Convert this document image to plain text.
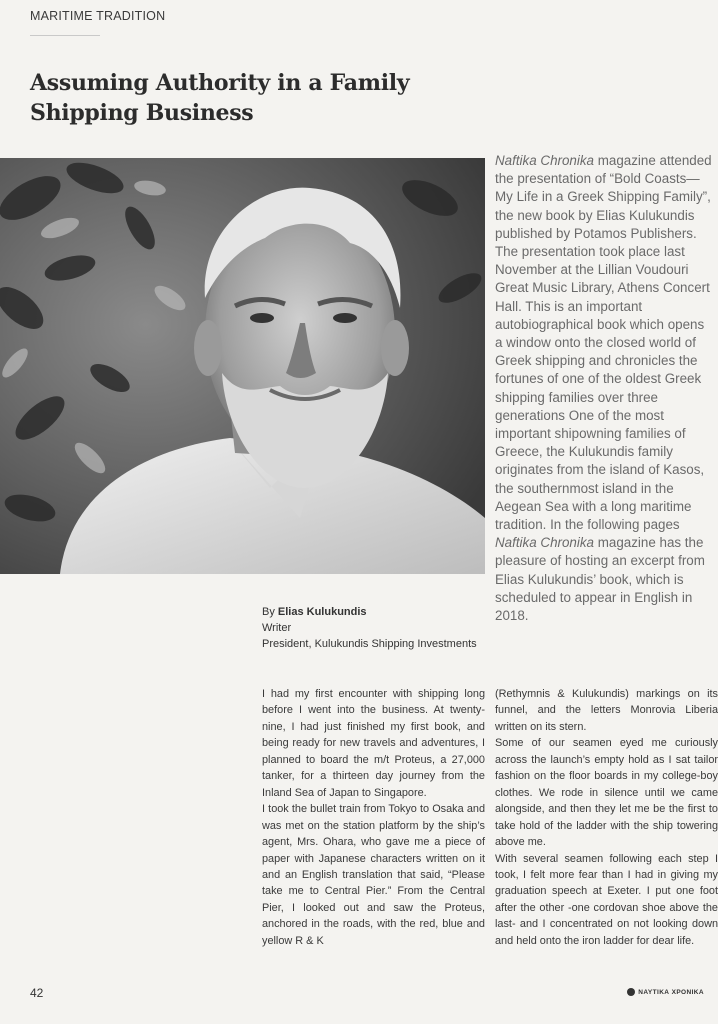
MARITIME TRADITION
Assuming Authority in a Family Shipping Business
Naftika Chronika magazine attended the presentation of “Bold Coasts—My Life in a Greek Shipping Family”, the new book by Elias Kulukundis published by Potamos Publishers. The presentation took place last November at the Lillian Voudouri Great Music Library, Athens Concert Hall. This is an important autobiographical book which opens a window onto the closed world of Greek shipping and chronicles the fortunes of one of the oldest Greek shipping families over three generations One of the most important shipowning families of Greece, the Kulukundis family originates from the island of Kasos, the southernmost island in the Aegean Sea with a long maritime tradition. In the following pages Naftika Chronika magazine has the pleasure of hosting an excerpt from Elias Kulukundis’ book, which is scheduled to appear in English in 2018.
By Elias Kulukundis
Writer
President, Kulukundis Shipping Investments

I had my first encounter with shipping long before I went into the business. At twenty-nine, I had just finished my first book, and being ready for new travels and adventures, I planned to board the m/t Proteus, a 27,000 tanker, for a thirteen day journey from the Inland Sea of Japan to Singapore.

I took the bullet train from Tokyo to Osaka and was met on the station platform by the ship’s agent, Mrs. Ohara, who gave me a piece of paper with Japanese characters written on it and an English translation that said, “Please take me to Central Pier.” From the Central Pier, I looked out and saw the Proteus, anchored in the roads, with the red, blue and yellow R & K

(Rethymnis & Kulukundis) markings on its funnel, and the letters Monrovia Liberia written on its stern.

Some of our seamen eyed me curiously across the launch’s empty hold as I sat tailor fashion on the floor boards in my college-boy clothes. We rode in silence until we came alongside, and then they let me be the first to take hold of the ladder with the ship towering above me.

With several seamen following each step I took, I felt more fear than I had in giving my graduation speech at Exeter. I put one foot after the other -one cordovan shoe above the last- and I concentrated on not looking down and held onto the iron ladder for dear life.

42	ΝΑΥΤΙΚΑ ΧΡΟΝΙΚΑ
